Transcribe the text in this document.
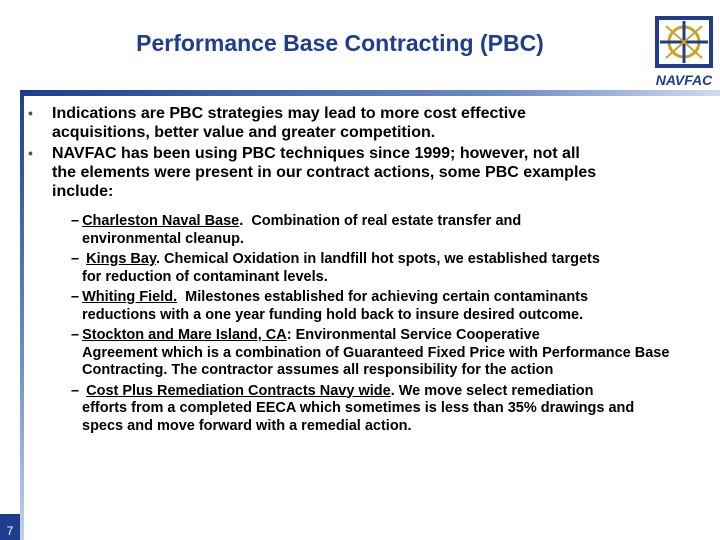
Performance Base Contracting (PBC)
NAVFAC
• Indications are PBC strategies may lead to more cost effective
acquisitions, better value and greater competition.
• NAVFAC has been using PBC techniques since 1999; however, not all
the elements were present in our contract actions, some PBC examples
include:
– Charleston Naval Base.  Combination of real estate transfer and
environmental cleanup.
– Kings Bay. Chemical Oxidation in landfill hot spots, we established targets
for reduction of contaminant levels.
– Whiting Field.  Milestones established for achieving certain contaminants
reductions with a one year funding hold back to insure desired outcome.
– Stockton and Mare Island, CA: Environmental Service Cooperative
Agreement which is a combination of Guaranteed Fixed Price with Performance Base Contracting. The contractor assumes all responsibility for the action
– Cost Plus Remediation Contracts Navy wide. We move select remediation
efforts from a completed EECA which sometimes is less than 35% drawings and specs and move forward with a remedial action.
7
